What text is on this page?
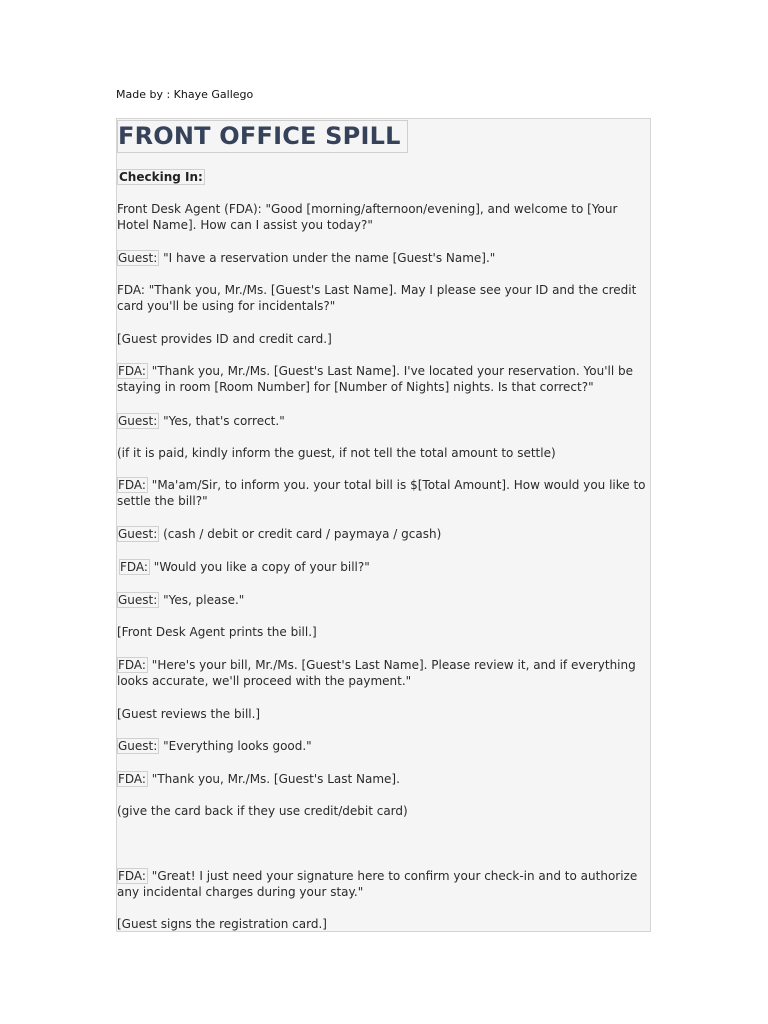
Made by : Khaye Gallego
FRONT OFFICE SPILL
Checking In:
Front Desk Agent (FDA): "Good [morning/afternoon/evening], and welcome to [Your Hotel Name]. How can I assist you today?"
Guest: "I have a reservation under the name [Guest's Name]."
FDA: "Thank you, Mr./Ms. [Guest's Last Name]. May I please see your ID and the credit card you'll be using for incidentals?"
[Guest provides ID and credit card.]
FDA: "Thank you, Mr./Ms. [Guest's Last Name]. I've located your reservation. You'll be staying in room [Room Number] for [Number of Nights] nights. Is that correct?"
Guest: "Yes, that's correct."
(if it is paid, kindly inform the guest, if not tell the total amount to settle)
FDA: "Ma'am/Sir, to inform you. your total bill is $[Total Amount]. How would you like to settle the bill?"
Guest: (cash / debit or credit card / paymaya / gcash)
FDA: "Would you like a copy of your bill?"
Guest: "Yes, please."
[Front Desk Agent prints the bill.]
FDA: "Here's your bill, Mr./Ms. [Guest's Last Name]. Please review it, and if everything looks accurate, we'll proceed with the payment."
[Guest reviews the bill.]
Guest: "Everything looks good."
FDA: "Thank you, Mr./Ms. [Guest's Last Name].
(give the card back if they use credit/debit card)
FDA: "Great! I just need your signature here to confirm your check-in and to authorize any incidental charges during your stay."
[Guest signs the registration card.]
